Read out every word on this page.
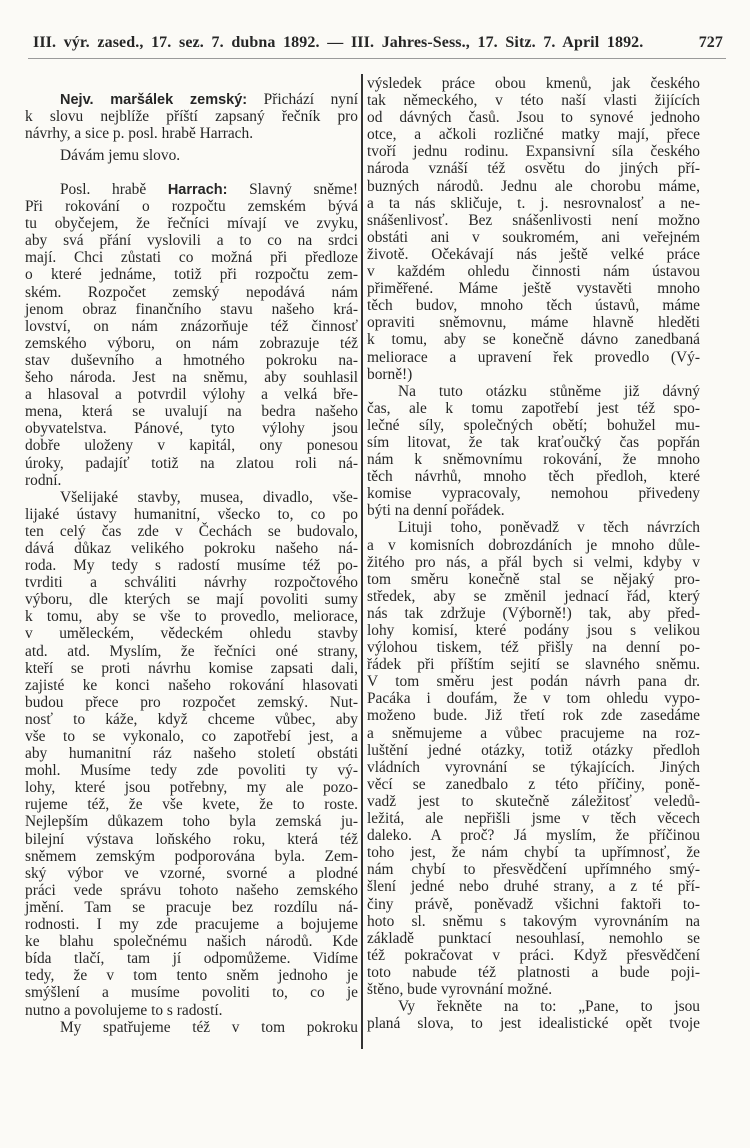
III. výr. zased., 17. sez. 7. dubna 1892. — III. Jahres-Sess., 17. Sitz. 7. April 1892.	727
Nejv. maršálek zemský: Přichází nyní
k slovu nejblíže příští zapsaný řečník pro
návrhy, a sice p. posl. hrabě Harrach.
Dávám jemu slovo.
Posl. hrabě Harrach: Slavný sněme!
Při rokování o rozpočtu zemském bývá
tu obyčejem, že řečníci mívají ve zvyku,
aby svá přání vyslovili a to co na srdci
mají. Chci zůstati co možná při předloze
o které jednáme, totiž při rozpočtu zem-
ském. Rozpočet zemský nepodává nám
jenom obraz finančního stavu našeho krá-
lovství, on nám znázorňuje též činnosť
zemského výboru, on nám zobrazuje též
stav duševního a hmotného pokroku na-
šeho národa. Jest na sněmu, aby souhlasil
a hlasoval a potvrdil výlohy a velká bře-
mena, která se uvalují na bedra našeho
obyvatelstva. Pánové, tyto výlohy jsou
dobře uloženy v kapitál, ony ponesou
úroky, padajíť totiž na zlatou roli ná-
rodní.
Všelijaké stavby, musea, divadlo, vše-
lijaké ústavy humanitní, všecko to, co po
ten celý čas zde v Čechách se budovalo,
dává důkaz velikého pokroku našeho ná-
roda. My tedy s radostí musíme též po-
tvrditi a schváliti návrhy rozpočtového
výboru, dle kterých se mají povoliti sumy
k tomu, aby se vše to provedlo, meliorace,
v uměleckém, vědeckém ohledu stavby
atd. atd. Myslím, že řečníci oné strany,
kteří se proti návrhu komise zapsati dali,
zajisté ke konci našeho rokování hlasovati
budou přece pro rozpočet zemský. Nut-
nosť to káže, když chceme vůbec, aby
vše to se vykonalo, co zapotřebí jest, a
aby humanitní ráz našeho století obstáti
mohl. Musíme tedy zde povoliti ty vý-
lohy, které jsou potřebny, my ale pozo-
rujeme též, že vše kvete, že to roste.
Nejlepším důkazem toho byla zemská ju-
bilejní výstava loňského roku, která též
sněmem zemským podporována byla. Zem-
ský výbor ve vzorné, svorné a plodné
práci vede správu tohoto našeho zemského
jmění. Tam se pracuje bez rozdílu ná-
rodnosti. I my zde pracujeme a bojujeme
ke blahu společnému našich národů. Kde
bída tlačí, tam jí odpomůžeme. Vidíme
tedy, že v tom tento sněm jednoho je
smýšlení a musíme povoliti to, co je
nutno a povolujeme to s radostí.
My spatřujeme též v tom pokroku
výsledek práce obou kmenů, jak českého
tak německého, v této naší vlasti žijících
od dávných časů. Jsou to synové jednoho
otce, a ačkoli rozličné matky mají, přece
tvoří jednu rodinu. Expansivní síla českého
národa vznáší též osvětu do jiných pří-
buzných národů. Jednu ale chorobu máme,
a ta nás skličuje, t. j. nesrovnalosť a ne-
snášenlivosť. Bez snášenlivosti není možno
obstáti ani v soukromém, ani veřejném
životě. Očekávají nás ještě velké práce
v každém ohledu činnosti nám ústavou
přiměřené. Máme ještě vystavěti mnoho
těch budov, mnoho těch ústavů, máme
opraviti sněmovnu, máme hlavně hleděti
k tomu, aby se konečně dávno zanedbaná
meliorace a upravení řek provedlo (Vý-
borně!)
Na tuto otázku stůněme již dávný
čas, ale k tomu zapotřebí jest též spo-
lečné síly, společných obětí; bohužel mu-
sím litovat, že tak kraťoučký čas popřán
nám k sněmovnímu rokování, že mnoho
těch návrhů, mnoho těch předloh, které
komise vypracovaly, nemohou přivedeny
býti na denní pořádek.
Lituji toho, poněvadž v těch návrzích
a v komisních dobrozdáních je mnoho důle-
žitého pro nás, a přál bych si velmi, kdyby v
tom směru konečně stal se nějaký pro-
středek, aby se změnil jednací řád, který
nás tak zdržuje (Výborně!) tak, aby před-
lohy komisí, které podány jsou s velikou
výlohou tiskem, též přišly na denní po-
řádek při příštím sejití se slavného sněmu.
V tom směru jest podán návrh pana dr.
Pacáka i doufám, že v tom ohledu vypo-
moženo bude. Již třetí rok zde zasedáme
a sněmujeme a vůbec pracujeme na roz-
luštění jedné otázky, totiž otázky předloh
vládních vyrovnání se týkajících. Jiných
věcí se zanedbalo z této příčiny, poně-
vadž jest to skutečně záležitosť veledů-
ležitá, ale nepřišli jsme v těch věcech
daleko. A proč? Já myslím, že příčinou
toho jest, že nám chybí ta upřímnosť, že
nám chybí to přesvědčení upřímného smý-
šlení jedné nebo druhé strany, a z té pří-
činy právě, poněvadž všichni faktoři to-
hoto sl. sněmu s takovým vyrovnáním na
základě punktací nesouhlasí, nemohlo se
též pokračovat v práci. Když přesvědčení
toto nabude též platnosti a bude poji-
štěno, bude vyrovnání možné.
Vy řekněte na to: „Pane, to jsou
planá slova, to jest idealistické opět tvoje
